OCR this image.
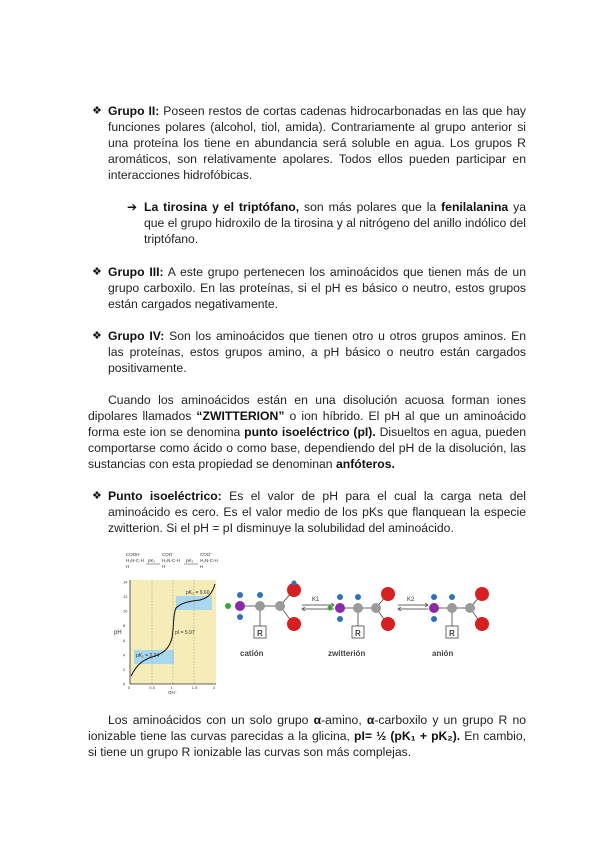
❖ Grupo II: Poseen restos de cortas cadenas hidrocarbonadas en las que hay funciones polares (alcohol, tiol, amida). Contrariamente al grupo anterior si una proteína los tiene en abundancia será soluble en agua. Los grupos R aromáticos, son relativamente apolares. Todos ellos pueden participar en interacciones hidrofóbicas.

➔ La tirosina y el triptófano, son más polares que la fenilalanina ya que el grupo hidroxilo de la tirosina y al nitrógeno del anillo indólico del triptófano.

❖ Grupo III: A este grupo pertenecen los aminoácidos que tienen más de un grupo carboxilo. En las proteínas, si el pH es básico o neutro, estos grupos están cargados negativamente.

❖ Grupo IV: Son los aminoácidos que tienen otro u otros grupos aminos. En las proteínas, estos grupos amino, a pH básico o neutro están cargados positivamente.

Cuando los aminoácidos están en una disolución acuosa forman iones dipolares llamados “ZWITTERION” o ion híbrido. El pH al que un aminoácido forma este ion se denomina punto isoeléctrico (pI). Disueltos en agua, pueden comportarse como ácido o como base, dependiendo del pH de la disolución, las sustancias con esta propiedad se denominan anfóteros.

❖ Punto isoeléctrico: Es el valor de pH para el cual la carga neta del aminoácido es cero. Es el valor medio de los pKs que flanquean la especie zwitterion. Si el pH = pI disminuye la solubilidad del aminoácido.

COOH
H₃N-C-H
H
pK₁
COO⁻
H₃N-C-H
H
pK₂
COO⁻
H₂N-C-H
H
pK₁ = 2.34
pK₂ = 9.60
pI = 5.97
pH
14
12
10
8
6
4
2
0
0	0.5	1	1.5	2
OH⁻
R
K1
R
K2
R
catión	zwitterión	anión

Los aminoácidos con un solo grupo α-amino, α-carboxilo y un grupo R no ionizable tiene las curvas parecidas a la glicina, pI= ½ (pK₁ + pK₂). En cambio, si tiene un grupo R ionizable las curvas son más complejas.
